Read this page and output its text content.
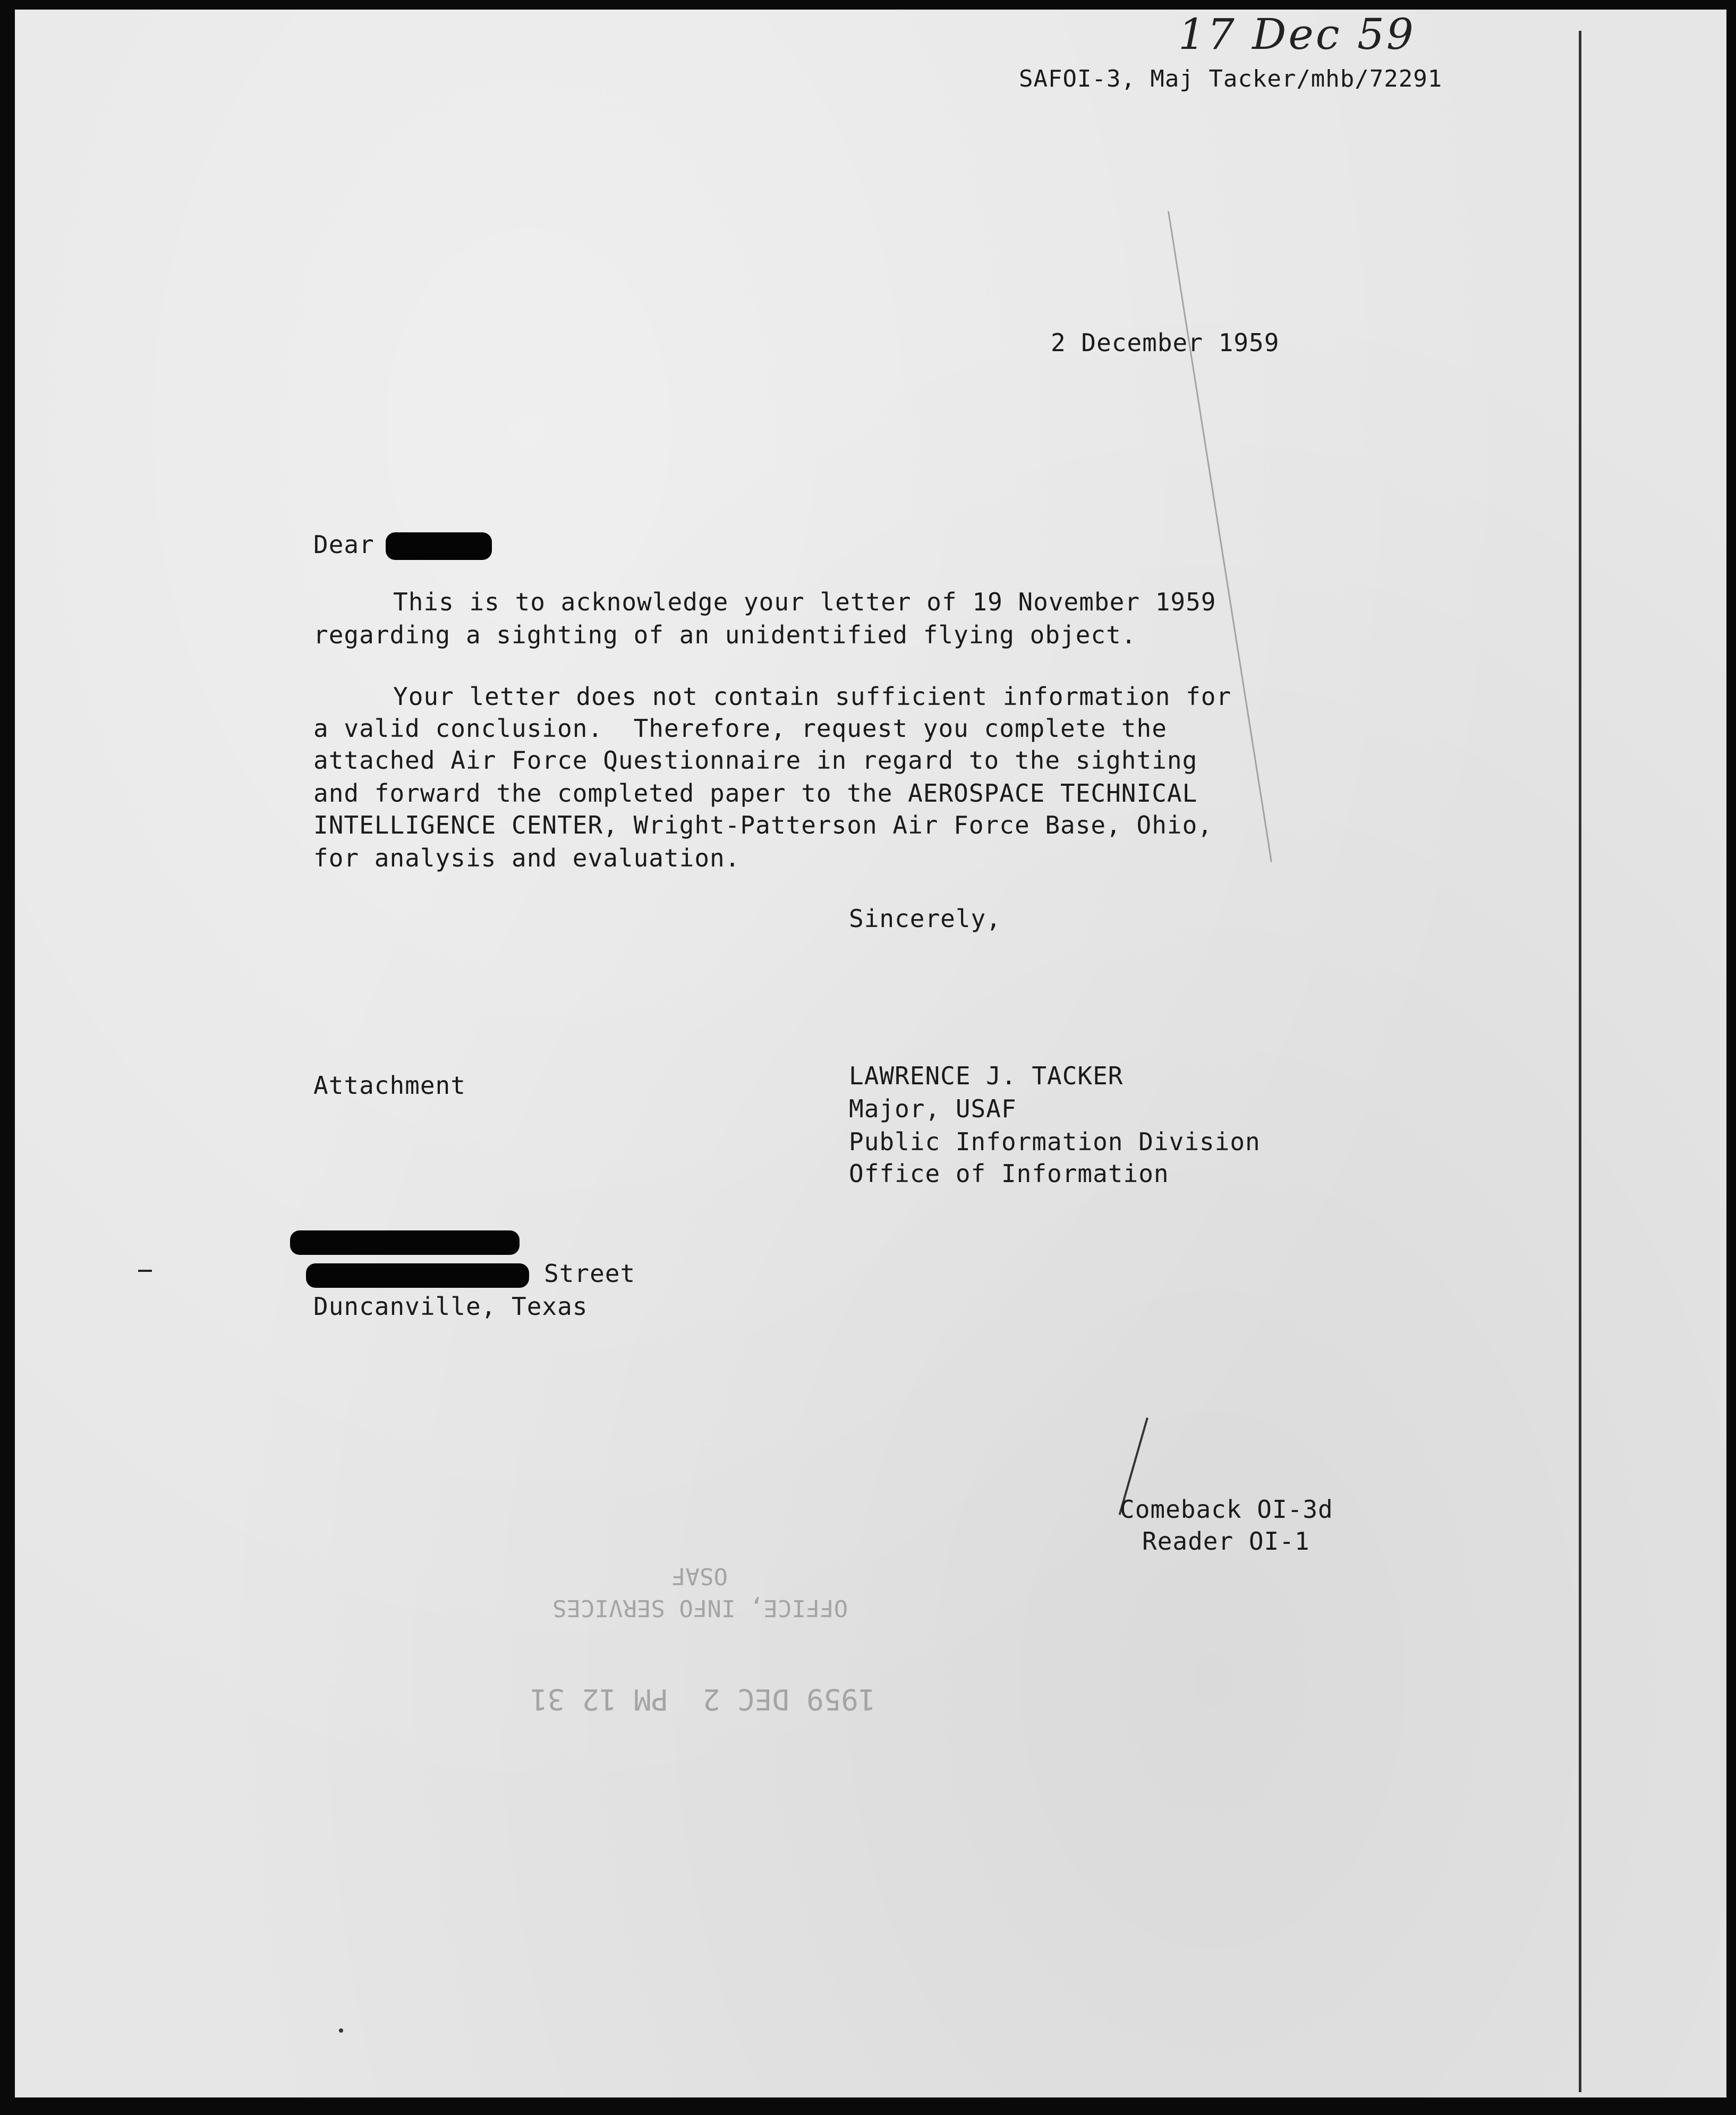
17 Dec 59
SAFOI-3, Maj Tacker/mhb/72291
2 December 1959
Dear
This is to acknowledge your letter of 19 November 1959
regarding a sighting of an unidentified flying object.
Your letter does not contain sufficient information for
a valid conclusion.  Therefore, request you complete the
attached Air Force Questionnaire in regard to the sighting
and forward the completed paper to the AEROSPACE TECHNICAL
INTELLIGENCE CENTER, Wright-Patterson Air Force Base, Ohio,
for analysis and evaluation.
Sincerely,
Attachment	LAWRENCE J. TACKER
Major, USAF
Public Information Division
Office of Information
Street
Duncanville, Texas
Comeback OI-3d
Reader OI-1
OSAF
OFFICE, INFO SERVICES
1959 DEC 2  PM 12 31
